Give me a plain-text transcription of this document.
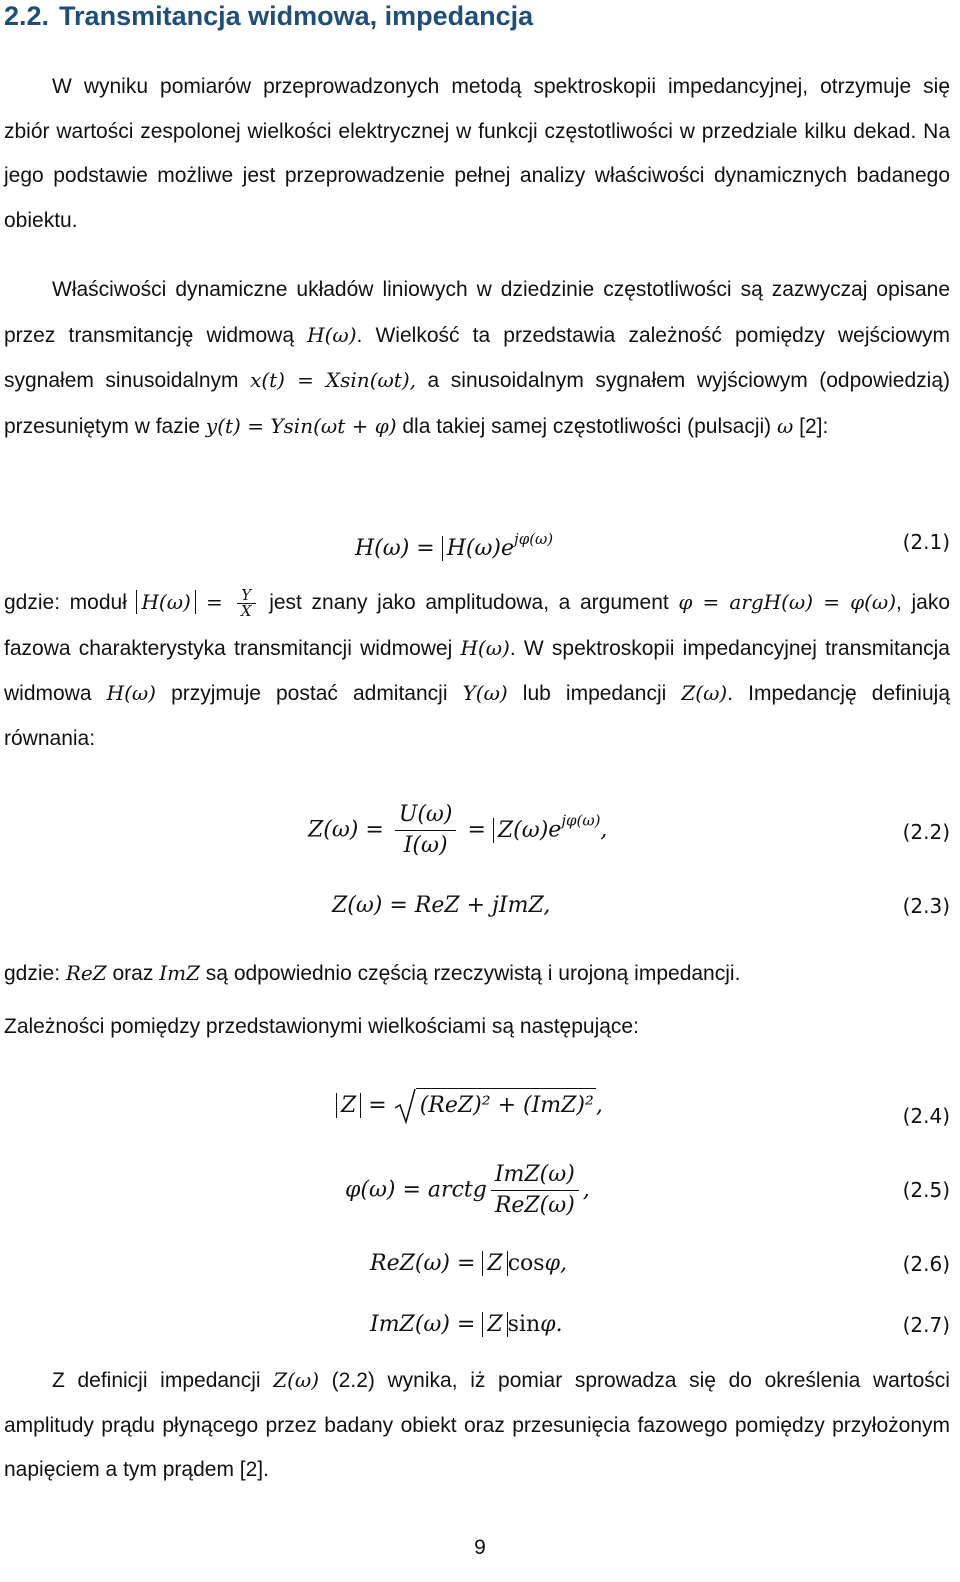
2.2. Transmitancja widmowa, impedancja
W wyniku pomiarów przeprowadzonych metodą spektroskopii impedancyjnej, otrzymuje się zbiór wartości zespolonej wielkości elektrycznej w funkcji częstotliwości w przedziale kilku dekad. Na jego podstawie możliwe jest przeprowadzenie pełnej analizy właściwości dynamicznych badanego obiektu.
Właściwości dynamiczne układów liniowych w dziedzinie częstotliwości są zazwyczaj opisane przez transmitancję widmową H(ω). Wielkość ta przedstawia zależność pomiędzy wejściowym sygnałem sinusoidalnym x(t) = Xsin(ωt), a sinusoidalnym sygnałem wyjściowym (odpowiedzią) przesuniętym w fazie y(t) = Ysin(ωt + φ) dla takiej samej częstotliwości (pulsacji) ω [2]:
$H(\omega) = H(\omega)e^{j\varphi(\omega)}$	(2.1)
gdzie: moduł $H(\omega) = \frac{Y}{X}$ jest znany jako amplitudowa, a argument φ = argH(ω) = φ(ω), jako fazowa charakterystyka transmitancji widmowej H(ω). W spektroskopii impedancyjnej transmitancja widmowa H(ω) przyjmuje postać admitancji Y(ω) lub impedancji Z(ω). Impedancję definiują równania:
$Z(\omega) = \frac{U(\omega)}{I(\omega)} = Z(\omega)e^{j\varphi(\omega)}$,	(2.2)
Z(ω) = ReZ + jImZ,	(2.3)
gdzie: ReZ oraz ImZ są odpowiednio częścią rzeczywistą i urojoną impedancji.
Zależności pomiędzy przedstawionymi wielkościami są następujące:
Z =
(ReZ)² + (ImZ)²,	(2.4)
φ(ω) = arctg $\frac{\text{ImZ(ω)}}{\text{ReZ(ω)}}$ ,	(2.5)
ReZ(ω) = Z cosφ,	(2.6)
ImZ(ω) = Z sinφ.	(2.7)
Z definicji impedancji Z(ω) (2.2) wynika, iż pomiar sprowadza się do określenia wartości amplitudy prądu płynącego przez badany obiekt oraz przesunięcia fazowego pomiędzy przyłożonym napięciem a tym prądem [2].
9
